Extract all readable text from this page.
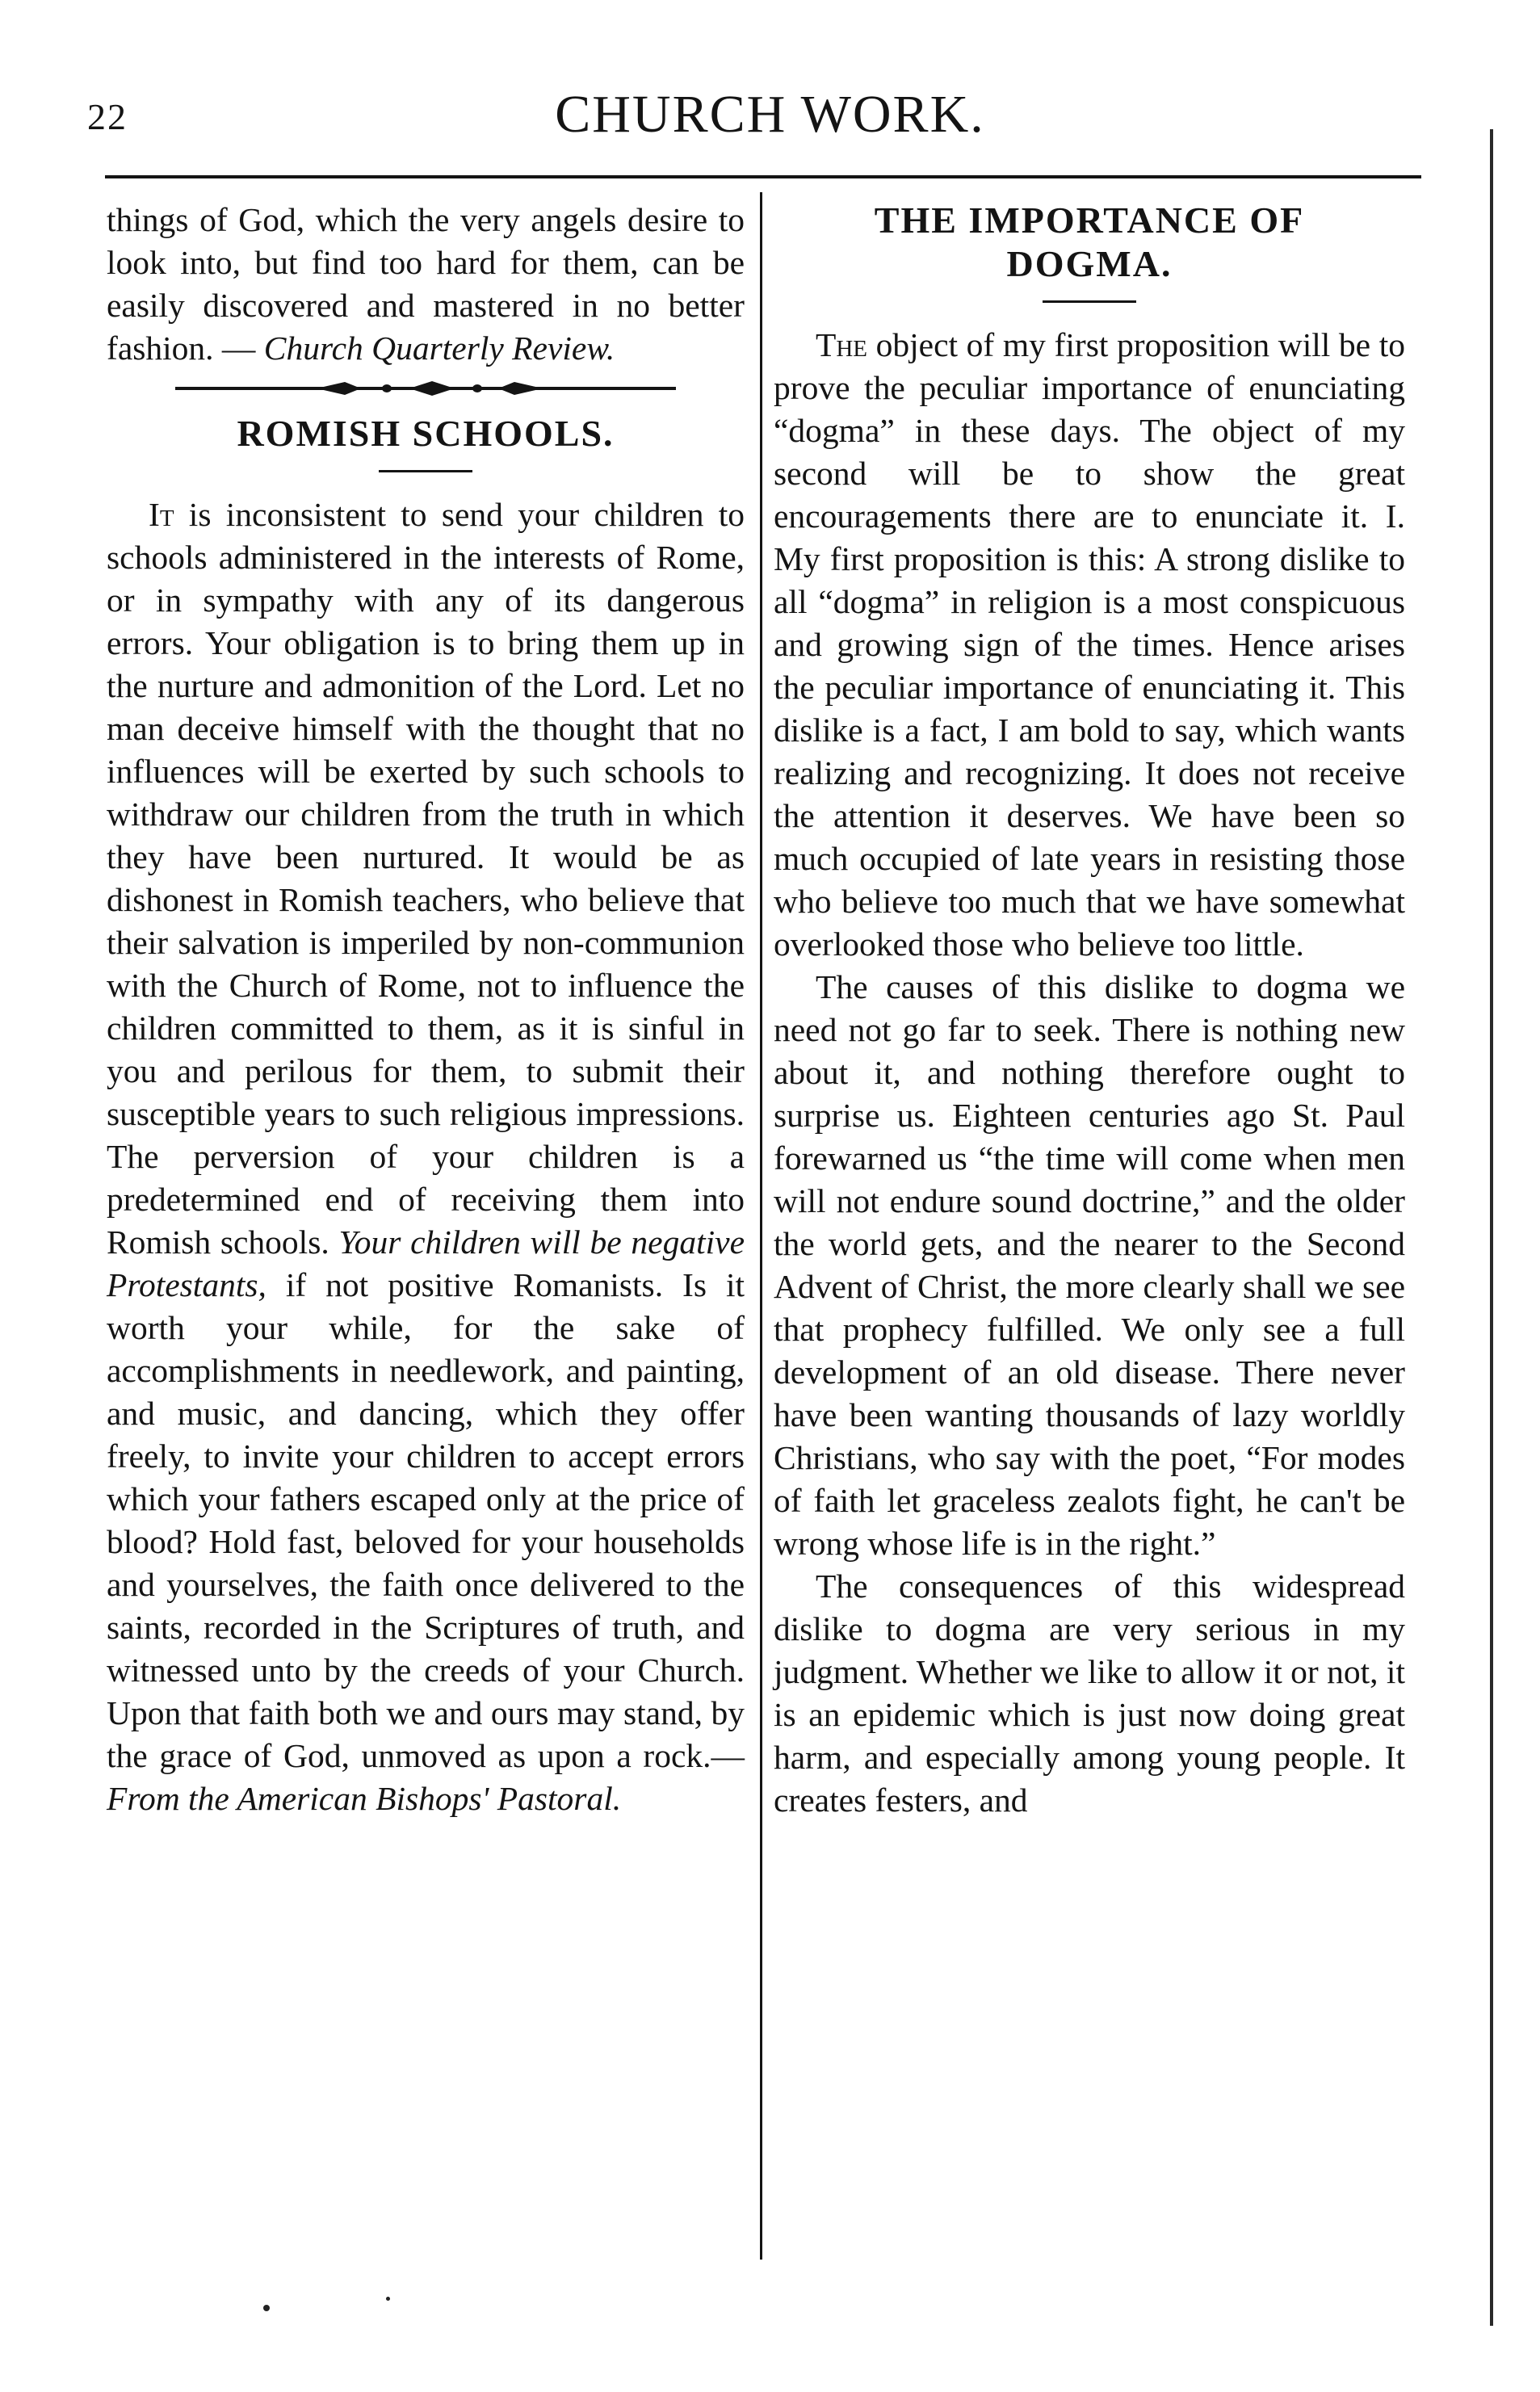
22	CHURCH WORK.

things of God, which the very angels desire to look into, but find too hard for them, can be easily discovered and mastered in no better fashion. — Church Quarterly Review.

ROMISH SCHOOLS.

It is inconsistent to send your children to schools administered in the interests of Rome, or in sympathy with any of its dangerous errors. Your obligation is to bring them up in the nurture and admonition of the Lord. Let no man deceive himself with the thought that no influences will be exerted by such schools to withdraw our children from the truth in which they have been nurtured. It would be as dishonest in Romish teachers, who believe that their salvation is imperiled by non-communion with the Church of Rome, not to influence the children committed to them, as it is sinful in you and perilous for them, to submit their susceptible years to such religious impressions. The perversion of your children is a predetermined end of receiving them into Romish schools. Your children will be negative Protestants, if not positive Romanists. Is it worth your while, for the sake of accomplishments in needlework, and painting, and music, and dancing, which they offer freely, to invite your children to accept errors which your fathers escaped only at the price of blood? Hold fast, beloved for your households and yourselves, the faith once delivered to the saints, recorded in the Scriptures of truth, and witnessed unto by the creeds of your Church. Upon that faith both we and ours may stand, by the grace of God, unmoved as upon a rock.—From the American Bishops' Pastoral.

THE IMPORTANCE OF
DOGMA.

The object of my first proposition will be to prove the peculiar importance of enunciating “dogma” in these days. The object of my second will be to show the great encouragements there are to enunciate it. I. My first proposition is this: A strong dislike to all “dogma” in religion is a most conspicuous and growing sign of the times. Hence arises the peculiar importance of enunciating it. This dislike is a fact, I am bold to say, which wants realizing and recognizing. It does not receive the attention it deserves. We have been so much occupied of late years in resisting those who believe too much that we have somewhat overlooked those who believe too little.

The causes of this dislike to dogma we need not go far to seek. There is nothing new about it, and nothing therefore ought to surprise us. Eighteen centuries ago St. Paul forewarned us “the time will come when men will not endure sound doctrine,” and the older the world gets, and the nearer to the Second Advent of Christ, the more clearly shall we see that prophecy fulfilled. We only see a full development of an old disease. There never have been wanting thousands of lazy worldly Christians, who say with the poet, “For modes of faith let graceless zealots fight, he can't be wrong whose life is in the right.”

The consequences of this widespread dislike to dogma are very serious in my judgment. Whether we like to allow it or not, it is an epidemic which is just now doing great harm, and especially among young people. It creates festers, and
